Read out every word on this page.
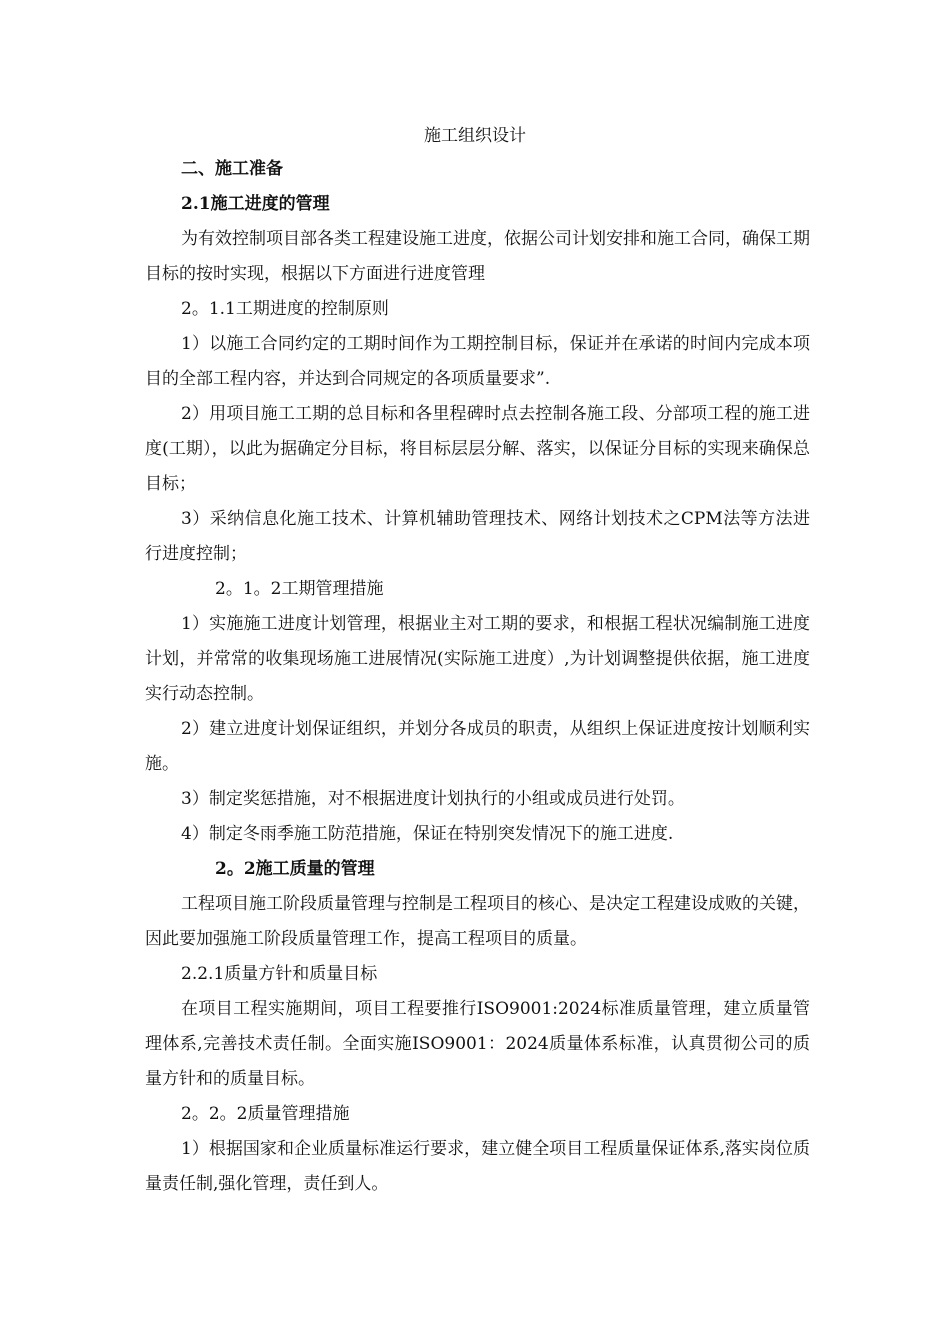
施工组织设计

二、施工准备

2.1施工进度的管理

为有效控制项目部各类工程建设施工进度，依据公司计划安排和施工合同，确保工期目标的按时实现，根据以下方面进行进度管理

2。1.1工期进度的控制原则

1）以施工合同约定的工期时间作为工期控制目标，保证并在承诺的时间内完成本项目的全部工程内容，并达到合同规定的各项质量要求”.

2）用项目施工工期的总目标和各里程碑时点去控制各施工段、分部项工程的施工进度(工期），以此为据确定分目标，将目标层层分解、落实，以保证分目标的实现来确保总目标；

3）采纳信息化施工技术、计算机辅助管理技术、网络计划技术之CPM法等方法进行进度控制；

2。1。2工期管理措施

1）实施施工进度计划管理，根据业主对工期的要求，和根据工程状况编制施工进度计划，并常常的收集现场施工进展情况(实际施工进度）,为计划调整提供依据，施工进度实行动态控制。

2）建立进度计划保证组织，并划分各成员的职责，从组织上保证进度按计划顺利实施。

3）制定奖惩措施，对不根据进度计划执行的小组或成员进行处罚。

4）制定冬雨季施工防范措施，保证在特别突发情况下的施工进度.

2。2施工质量的管理

工程项目施工阶段质量管理与控制是工程项目的核心、是决定工程建设成败的关键，因此要加强施工阶段质量管理工作，提高工程项目的质量。

2.2.1质量方针和质量目标

在项目工程实施期间，项目工程要推行ISO9001:2024标准质量管理，建立质量管理体系,完善技术责任制。全面实施ISO9001：2024质量体系标准，认真贯彻公司的质量方针和的质量目标。

2。2。2质量管理措施

1）根据国家和企业质量标准运行要求，建立健全项目工程质量保证体系,落实岗位质量责任制,强化管理，责任到人。
